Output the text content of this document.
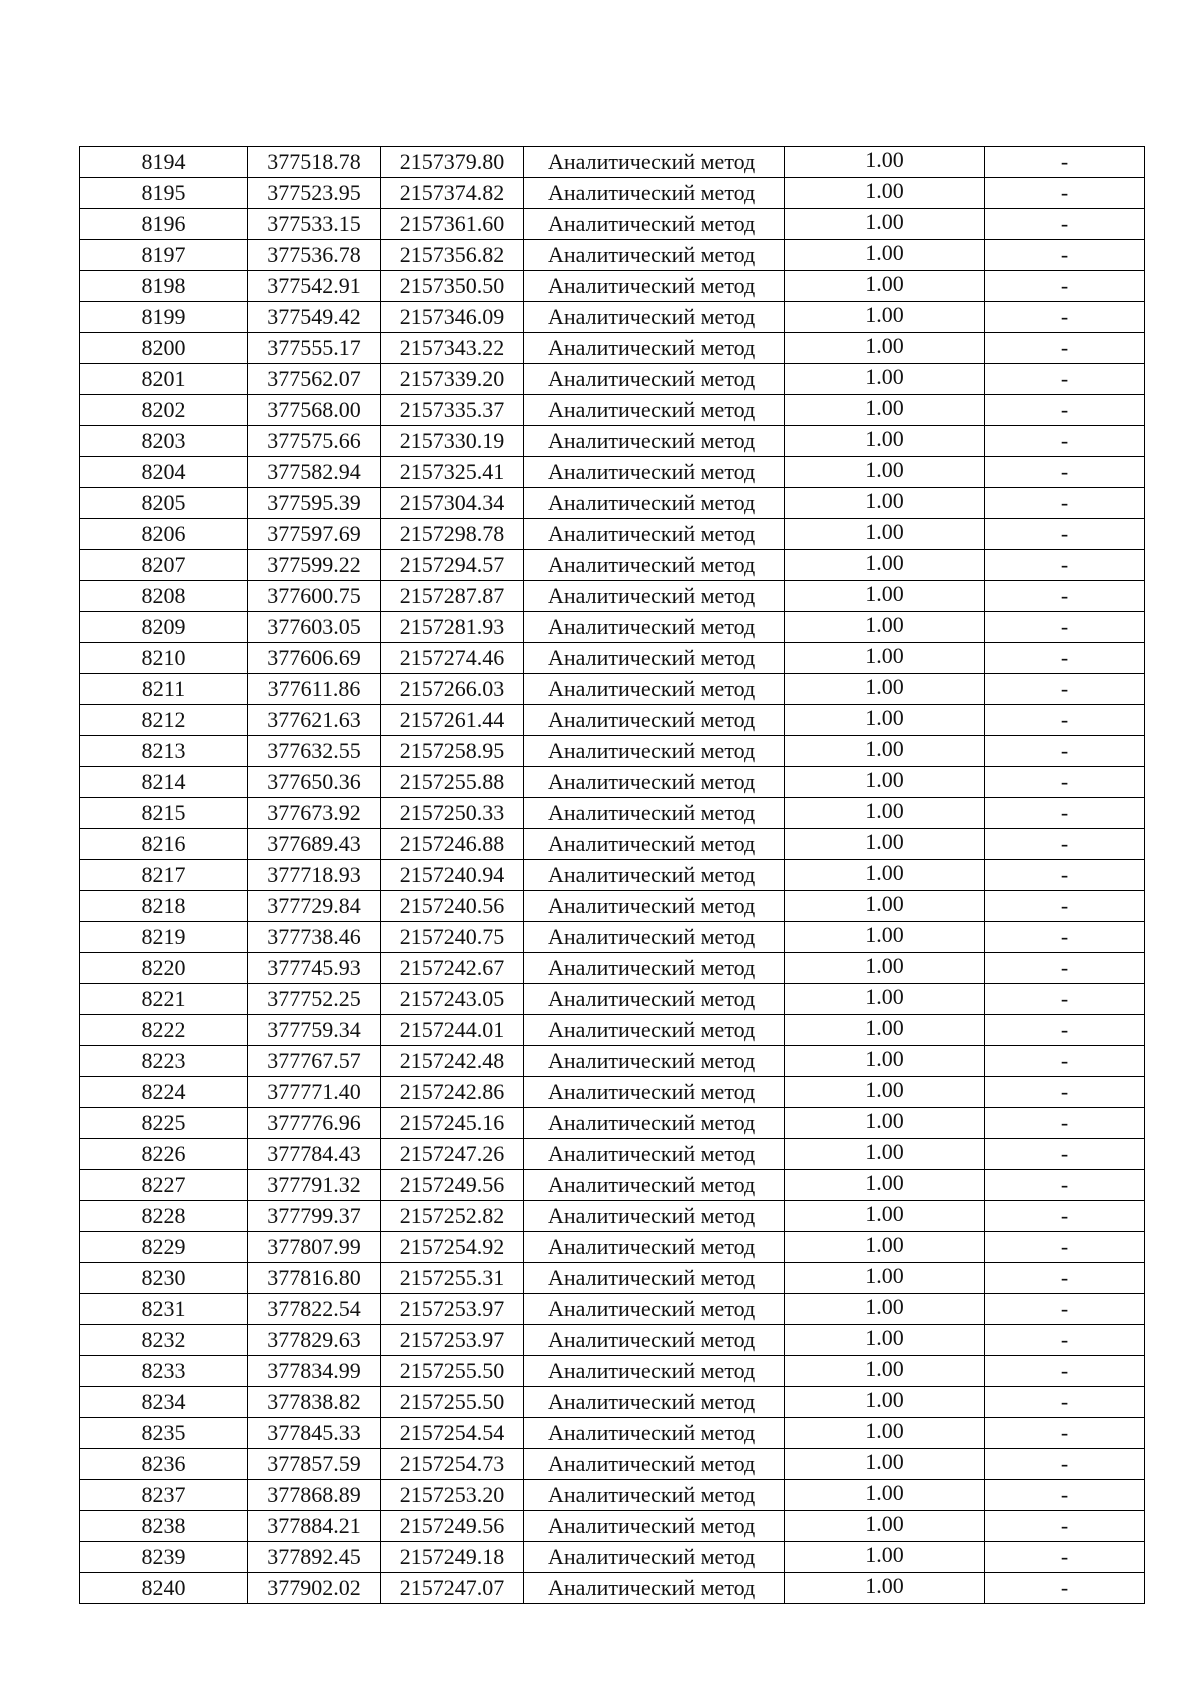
8194	377518.78	2157379.80	Аналитический метод	1.00	-
8195	377523.95	2157374.82	Аналитический метод	1.00	-
8196	377533.15	2157361.60	Аналитический метод	1.00	-
8197	377536.78	2157356.82	Аналитический метод	1.00	-
8198	377542.91	2157350.50	Аналитический метод	1.00	-
8199	377549.42	2157346.09	Аналитический метод	1.00	-
8200	377555.17	2157343.22	Аналитический метод	1.00	-
8201	377562.07	2157339.20	Аналитический метод	1.00	-
8202	377568.00	2157335.37	Аналитический метод	1.00	-
8203	377575.66	2157330.19	Аналитический метод	1.00	-
8204	377582.94	2157325.41	Аналитический метод	1.00	-
8205	377595.39	2157304.34	Аналитический метод	1.00	-
8206	377597.69	2157298.78	Аналитический метод	1.00	-
8207	377599.22	2157294.57	Аналитический метод	1.00	-
8208	377600.75	2157287.87	Аналитический метод	1.00	-
8209	377603.05	2157281.93	Аналитический метод	1.00	-
8210	377606.69	2157274.46	Аналитический метод	1.00	-
8211	377611.86	2157266.03	Аналитический метод	1.00	-
8212	377621.63	2157261.44	Аналитический метод	1.00	-
8213	377632.55	2157258.95	Аналитический метод	1.00	-
8214	377650.36	2157255.88	Аналитический метод	1.00	-
8215	377673.92	2157250.33	Аналитический метод	1.00	-
8216	377689.43	2157246.88	Аналитический метод	1.00	-
8217	377718.93	2157240.94	Аналитический метод	1.00	-
8218	377729.84	2157240.56	Аналитический метод	1.00	-
8219	377738.46	2157240.75	Аналитический метод	1.00	-
8220	377745.93	2157242.67	Аналитический метод	1.00	-
8221	377752.25	2157243.05	Аналитический метод	1.00	-
8222	377759.34	2157244.01	Аналитический метод	1.00	-
8223	377767.57	2157242.48	Аналитический метод	1.00	-
8224	377771.40	2157242.86	Аналитический метод	1.00	-
8225	377776.96	2157245.16	Аналитический метод	1.00	-
8226	377784.43	2157247.26	Аналитический метод	1.00	-
8227	377791.32	2157249.56	Аналитический метод	1.00	-
8228	377799.37	2157252.82	Аналитический метод	1.00	-
8229	377807.99	2157254.92	Аналитический метод	1.00	-
8230	377816.80	2157255.31	Аналитический метод	1.00	-
8231	377822.54	2157253.97	Аналитический метод	1.00	-
8232	377829.63	2157253.97	Аналитический метод	1.00	-
8233	377834.99	2157255.50	Аналитический метод	1.00	-
8234	377838.82	2157255.50	Аналитический метод	1.00	-
8235	377845.33	2157254.54	Аналитический метод	1.00	-
8236	377857.59	2157254.73	Аналитический метод	1.00	-
8237	377868.89	2157253.20	Аналитический метод	1.00	-
8238	377884.21	2157249.56	Аналитический метод	1.00	-
8239	377892.45	2157249.18	Аналитический метод	1.00	-
8240	377902.02	2157247.07	Аналитический метод	1.00	-
